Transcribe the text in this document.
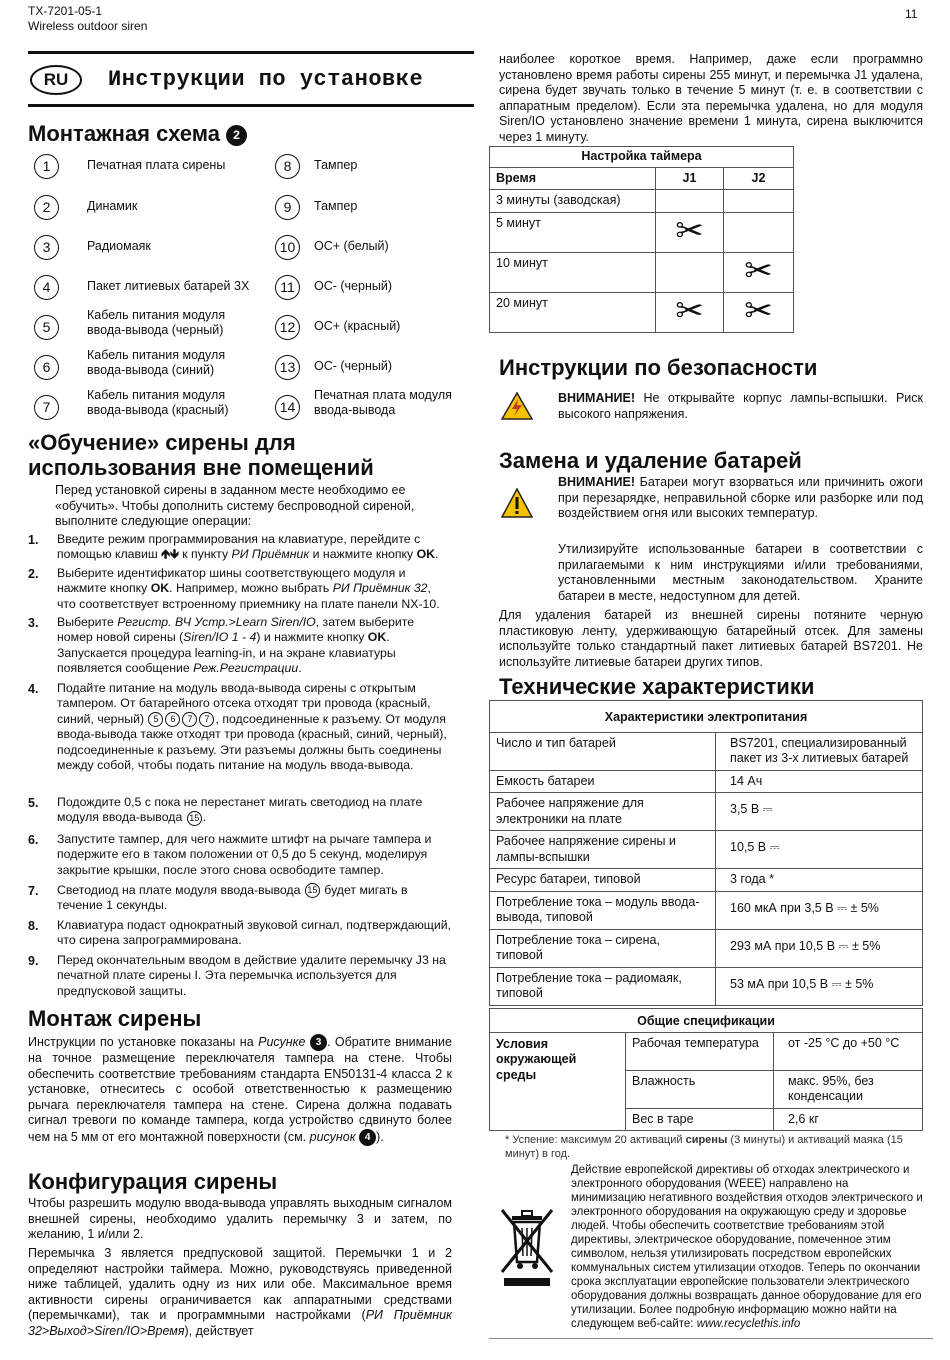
TX-7201-05-1
Wireless outdoor siren
11
RU	Инструкции по установке
Монтажная схема 2
1	Печатная плата сирены
2	Динамик
3	Радиомаяк
4	Пакет литиевых батарей 3X
5
Кабель питания модуля ввода-вывода (черный)
6
Кабель питания модуля ввода-вывода (синий)
7
Кабель питания модуля ввода-вывода (красный)
8	Тампер
9	Тампер
10	ОС+ (белый)
11	ОС- (черный)
12	ОС+ (красный)
13	ОС- (черный)
14
Печатная плата модуля ввода-вывода
«Обучение» сирены для использования вне помещений
Перед установкой сирены в заданном месте необходимо ее «обучить». Чтобы дополнить систему беспроводной сиреной, выполните следующие операции:
1. Введите режим программирования на клавиатуре, перейдите с помощью клавиш 🡹🡻 к пункту РИ Приёмник и нажмите кнопку OK.
2. Выберите идентификатор шины соответствующего модуля и нажмите кнопку OK. Например, можно выбрать РИ Приёмник 32, что соответствует встроенному приемнику на плате панели NX-10.
3. Выберите Регистр. ВЧ Устр.>Learn Siren/IO, затем выберите номер новой сирены (Siren/IO 1 - 4) и нажмите кнопку OK. Запускается процедура learning-in, и на экране клавиатуры появляется сообщение Реж.Регистрации.
4. Подайте питание на модуль ввода-вывода сирены с открытым тампером. От батарейного отсека отходят три провода (красный, синий, черный) 5 6 7 7 , подсоединенные к разъему. От модуля ввода-вывода также отходят три провода (красный, синий, черный), подсоединенные к разъему. Эти разъемы должны быть соединены между собой, чтобы подать питание на модуль ввода-вывода.
5. Подождите 0,5 с пока не перестанет мигать светодиод на плате модуля ввода-вывода 15 .
6. Запустите тампер, для чего нажмите штифт на рычаге тампера и подержите его в таком положении от 0,5 до 5 секунд, моделируя закрытие крышки, после этого снова освободите тампер.
7. Светодиод на плате модуля ввода-вывода 15 будет мигать в течение 1 секунды.
8. Клавиатура подаст однократный звуковой сигнал, подтверждающий, что сирена запрограммирована.
9. Перед окончательным вводом в действие удалите перемычку J3 на печатной плате сирены I. Эта перемычка используется для предпусковой защиты.
Монтаж сирены
Инструкции по установке показаны на Рисунке 3 . Обратите внимание на точное размещение переключателя тампера на стене. Чтобы обеспечить соответствие требованиям стандарта EN50131-4 класса 2 к установке, отнеситесь с особой ответственностью к размещению рычага переключателя тампера на стене. Сирена должна подавать сигнал тревоги по команде тампера, когда устройство сдвинуто более чем на 5 мм от его монтажной поверхности (см. рисунок 4 ).
Конфигурация сирены
Чтобы разрешить модулю ввода-вывода управлять выходным сигналом внешней сирены, необходимо удалить перемычку 3 и затем, по желанию, 1 и/или 2.
Перемычка 3 является предпусковой защитой. Перемычки 1 и 2 определяют настройки таймера. Можно, руководствуясь приведенной ниже таблицей, удалить одну из них или обе. Максимальное время активности сирены ограничивается как аппаратными средствами (перемычками), так и программными настройками (РИ Приёмник 32>Выход>Siren/IO>Время), действует
наиболее короткое время. Например, даже если программно установлено время работы сирены 255 минут, и перемычка J1 удалена, сирена будет звучать только в течение 5 минут (т. е. в соответствии с аппаратным пределом). Если эта перемычка удалена, но для модуля Siren/IO установлено значение времени 1 минута, сирена выключится через 1 минуту.
Настройка таймера		
Время	J1	J2
3 минуты (заводская)	

5 минут	✂	

10 минут		✂

20 минут	✂	✂
Инструкции по безопасности
ВНИМАНИЕ! Не открывайте корпус лампы-вспышки. Риск высокого напряжения.
Замена и удаление батарей
ВНИМАНИЕ! Батареи могут взорваться или причинить ожоги при перезарядке, неправильной сборке или разборке или под воздействием огня или высоких температур.
Утилизируйте использованные батареи в соответствии с прилагаемыми к ним инструкциями и/или требованиями, установленными местным законодательством. Храните батареи в месте, недоступном для детей.
Для удаления батарей из внешней сирены потяните черную пластиковую ленту, удерживающую батарейный отсек. Для замены используйте только стандартный пакет литиевых батарей BS7201. Не используйте литиевые батареи других типов.
Технические характеристики
Характеристики электропитания	
Число и тип батарей	BS7201, специализированный пакет из 3-х литиевых батарей
Емкость батареи	14 Ач
Рабочее напряжение для электроники на плате	3,5 В ⎓
Рабочее напряжение сирены и лампы-вспышки	10,5 В ⎓
Ресурс батареи, типовой	3 года *
Потребление тока – модуль ввода-вывода, типовой	160 мкА при 3,5 В ⎓ ± 5%
Потребление тока – сирена, типовой	293 мА при 10,5 В ⎓ ± 5%
Потребление тока – радиомаяк, типовой	53 мА при 10,5 В ⎓ ± 5%
Общие спецификации		
Условия окружающей среды	Рабочая температура	от -25 °C до +50 °C
	Влажность	макс. 95%, без конденсации
	Вес в таре	2,6 кг
* Успение: максимум 20 активаций сирены (3 минуты) и активаций маяка (15 минут) в год.
Действие европейской директивы об отходах электрического и электронного оборудования (WEEE) направлено на минимизацию негативного воздействия отходов электрического и электронного оборудования на окружающую среду и здоровье людей. Чтобы обеспечить соответствие требованиям этой директивы, электрическое оборудование, помеченное этим символом, нельзя утилизировать посредством европейских коммунальных систем утилизации отходов. Теперь по окончании срока эксплуатации европейские пользователи электрического оборудования должны возвращать данное оборудование для его утилизации. Более подробную информацию можно найти на следующем веб-сайте: www.recyclethis.info
